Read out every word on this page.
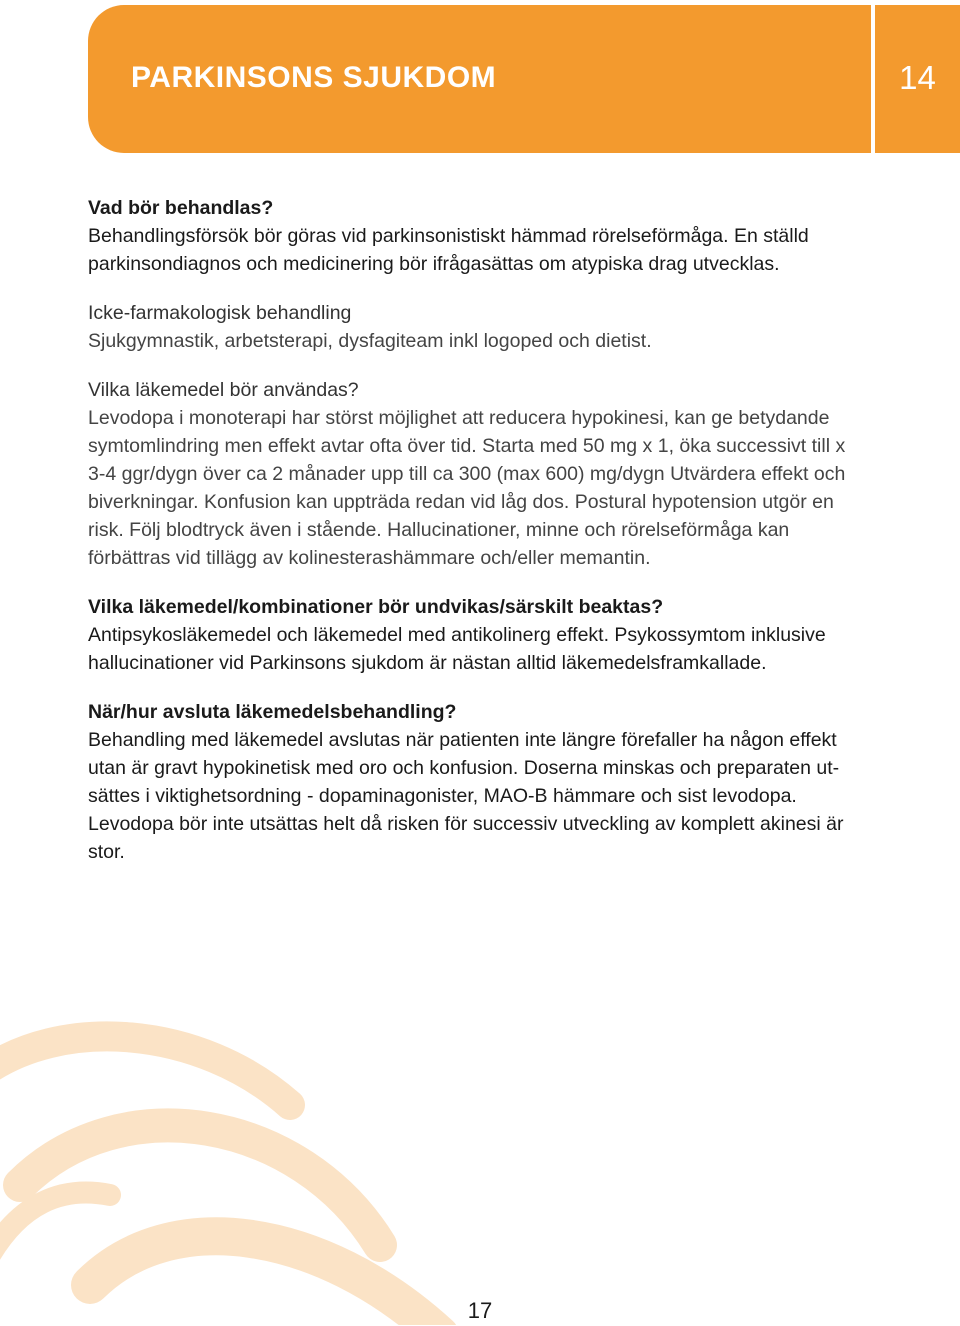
PARKINSONS SJUKDOM	14
Vad bör behandlas?

Behandlingsförsök bör göras vid parkinsonistiskt hämmad rörelseförmåga. En ställd parkinsondiagnos och medicinering bör ifrågasättas om atypiska drag utvecklas.

Icke-farmakologisk behandling

Sjukgymnastik, arbetsterapi, dysfagiteam inkl logoped och dietist.

Vilka läkemedel bör användas?

Levodopa i monoterapi har störst möjlighet att reducera hypokinesi, kan ge betydande symtomlindring men effekt avtar ofta över tid. Starta med 50 mg x 1, öka successivt till x 3-4 ggr/dygn över ca 2 månader upp till ca 300 (max 600) mg/dygn Utvärdera effekt och biverkningar. Konfusion kan uppträda redan vid låg dos. Postural hypotension utgör en risk. Följ blodtryck även i stående. Hallucinationer, minne och rörelseförmåga kan förbättras vid tillägg av kolinesterashämmare och/eller memantin.

Vilka läkemedel/kombinationer bör undvikas/särskilt beaktas?

Antipsykosläkemedel och läkemedel med antikolinerg effekt. Psykossymtom inklusive hallucinationer vid Parkinsons sjukdom är nästan alltid läkemedelsframkallade.

När/hur avsluta läkemedelsbehandling?

Behandling med läkemedel avslutas när patienten inte längre förefaller ha någon effekt utan är gravt hypokinetisk med oro och konfusion. Doserna minskas och preparaten ut-sättes i viktighetsordning - dopaminagonister, MAO-B hämmare och sist levodopa. Levodopa bör inte utsättas helt då risken för successiv utveckling av komplett akinesi är stor.

17
